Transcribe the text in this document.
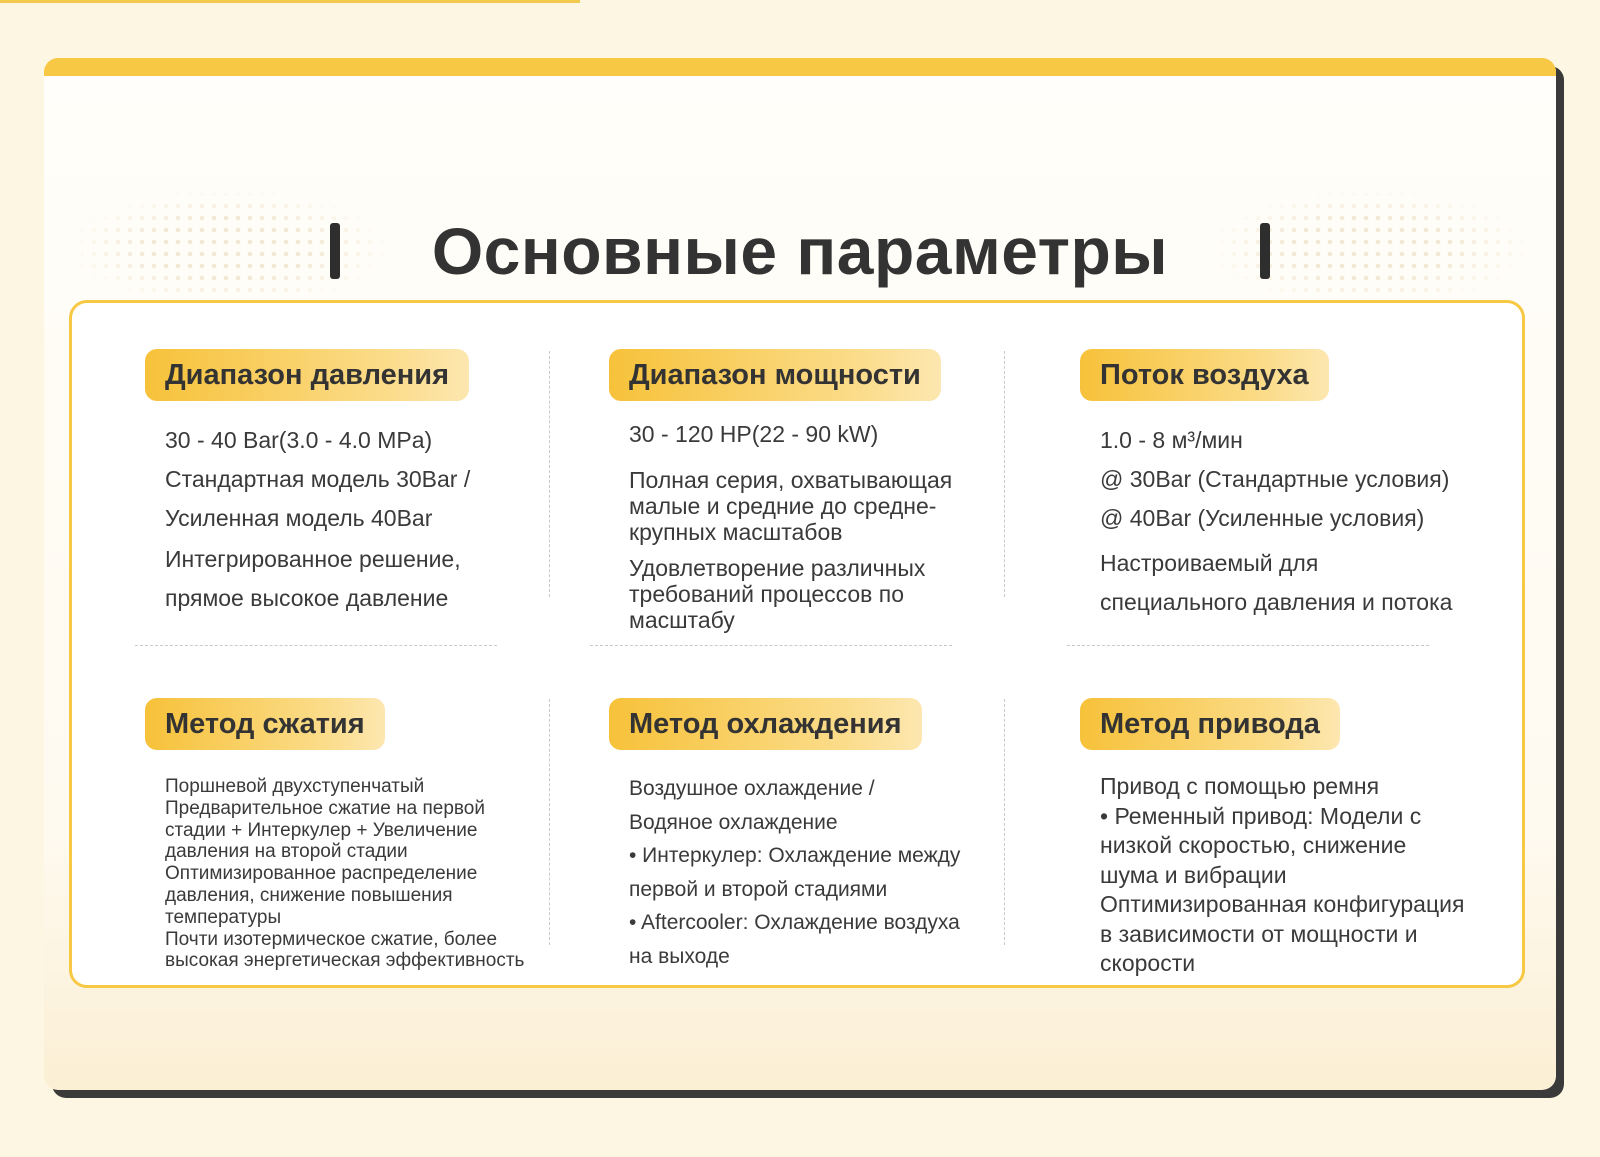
Основные параметры
Диапазон давления
30 - 40 Bar(3.0 - 4.0 MPa)
Стандартная модель 30Bar /
Усиленная модель 40Bar
Интегрированное решение,
прямое высокое давление
Диапазон мощности
30 - 120 HP(22 - 90 kW)
Полная серия, охватывающая
малые и средние до средне-
крупных масштабов
Удовлетворение различных
требований процессов по
масштабу
Поток воздуха
1.0 - 8 м³/мин
@ 30Bar (Стандартные условия)
@ 40Bar (Усиленные условия)
Настроиваемый для
специального давления и потока
Метод сжатия
Поршневой двухступенчатый
Предварительное сжатие на первой
стадии + Интеркулер + Увеличение
давления на второй стадии
Оптимизированное распределение
давления, снижение повышения
температуры
Почти изотермическое сжатие, более
высокая энергетическая эффективность
Метод охлаждения
Воздушное охлаждение /
Водяное охлаждение
• Интеркулер: Охлаждение между
первой и второй стадиями
• Aftercooler: Охлаждение воздуха
на выходе
Метод привода
Привод с помощью ремня
• Ременный привод: Модели с
низкой скоростью, снижение
шума и вибрации
Оптимизированная конфигурация
в зависимости от мощности и
скорости
